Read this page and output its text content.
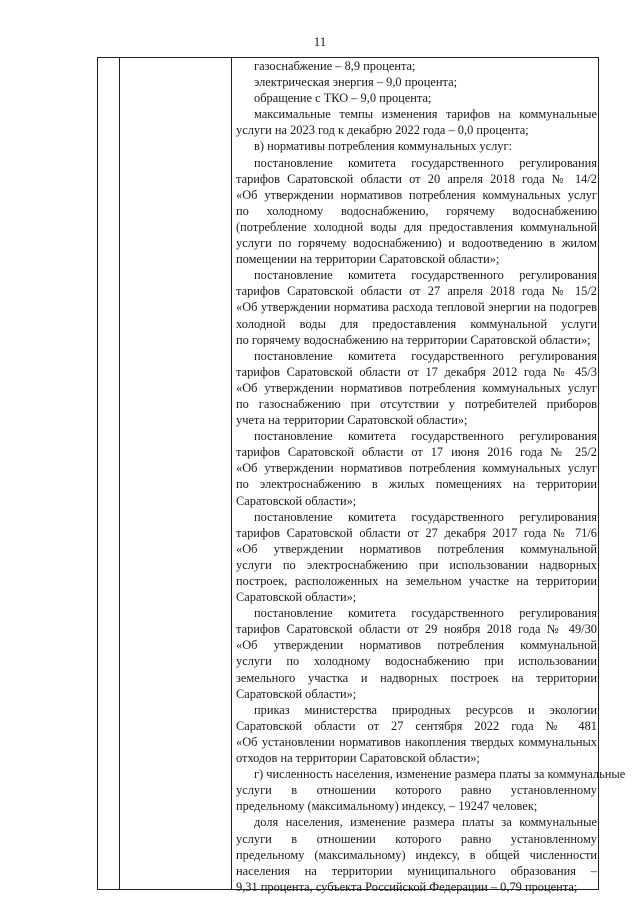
11
газоснабжение – 8,9 процента;
электрическая энергия – 9,0 процента;
обращение с ТКО – 9,0 процента;
максимальные темпы изменения тарифов на коммунальные
услуги на 2023 год к декабрю 2022 года – 0,0 процента;
в) нормативы потребления коммунальных услуг:
постановление комитета государственного регулирования
тарифов Саратовской области от 20 апреля 2018 года № 14/2
«Об утверждении нормативов потребления коммунальных услуг
по холодному водоснабжению, горячему водоснабжению
(потребление холодной воды для предоставления коммунальной
услуги по горячему водоснабжению) и водоотведению в жилом
помещении на территории Саратовской области»;
постановление комитета государственного регулирования
тарифов Саратовской области от 27 апреля 2018 года № 15/2
«Об утверждении норматива расхода тепловой энергии на подогрев
холодной воды для предоставления коммунальной услуги
по горячему водоснабжению на территории Саратовской области»;
постановление комитета государственного регулирования
тарифов Саратовской области от 17 декабря 2012 года № 45/3
«Об утверждении нормативов потребления коммунальных услуг
по газоснабжению при отсутствии у потребителей приборов
учета на территории Саратовской области»;
постановление комитета государственного регулирования
тарифов Саратовской области от 17 июня 2016 года № 25/2
«Об утверждении нормативов потребления коммунальных услуг
по электроснабжению в жилых помещениях на территории
Саратовской области»;
постановление комитета государственного регулирования
тарифов Саратовской области от 27 декабря 2017 года № 71/6
«Об утверждении нормативов потребления коммунальной
услуги по электроснабжению при использовании надворных
построек, расположенных на земельном участке на территории
Саратовской области»;
постановление комитета государственного регулирования
тарифов Саратовской области от 29 ноября 2018 года № 49/30
«Об утверждении нормативов потребления коммунальной
услуги по холодному водоснабжению при использовании
земельного участка и надворных построек на территории
Саратовской области»;
приказ министерства природных ресурсов и экологии
Саратовской области от 27 сентября 2022 года № 481
«Об установлении нормативов накопления твердых коммунальных
отходов на территории Саратовской области»;
г) численность населения, изменение размера платы за коммунальные
услуги в отношении которого равно установленному
предельному (максимальному) индексу, – 19247 человек;
доля населения, изменение размера платы за коммунальные
услуги в отношении которого равно установленному
предельному (максимальному) индексу, в общей численности
населения на территории муниципального образования –
9,31 процента, субъекта Российской Федерации – 0,79 процента;
